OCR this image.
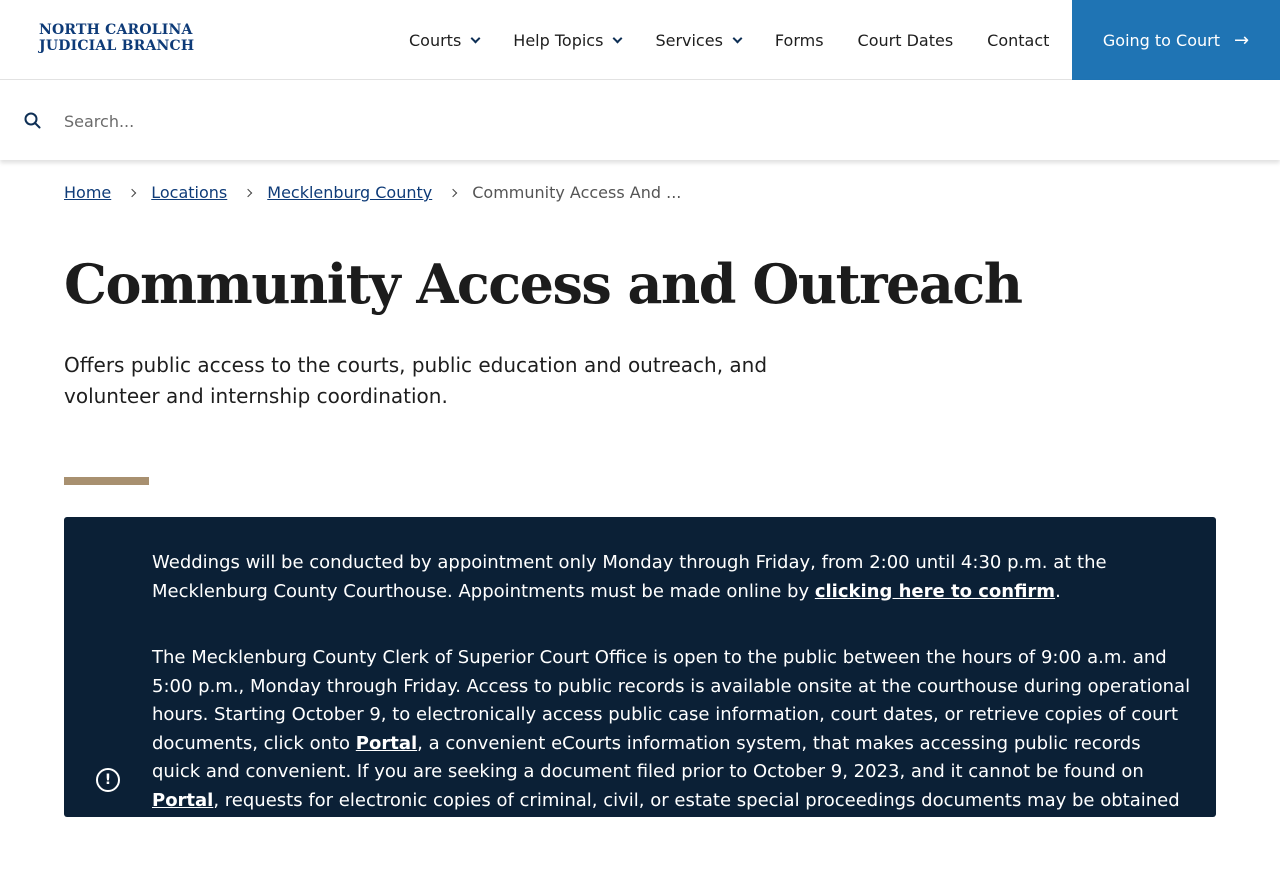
NORTH CAROLINA
JUDICIAL BRANCH	Courts	Help Topics	Services	Forms Court Dates Contact	Going to Court →
Search...
Home	Locations	Mecklenburg County	Community Access And ...
Community Access and Outreach

Offers public access to the courts, public education and outreach, and volunteer and internship coordination.

!

Weddings will be conducted by appointment only Monday through Friday, from 2:00 until 4:30 p.m. at the Mecklenburg County Courthouse. Appointments must be made online by clicking here to confirm.

The Mecklenburg County Clerk of Superior Court Office is open to the public between the hours of 9:00 a.m. and 5:00 p.m., Monday through Friday. Access to public records is available onsite at the courthouse during operational hours. Starting October 9, to electronically access public case information, court dates, or retrieve copies of court documents, click onto Portal, a convenient eCourts information system, that makes accessing public records quick and convenient. If you are seeking a document filed prior to October 9, 2023, and it cannot be found on Portal, requests for electronic copies of criminal, civil, or estate special proceedings documents may be obtained by
